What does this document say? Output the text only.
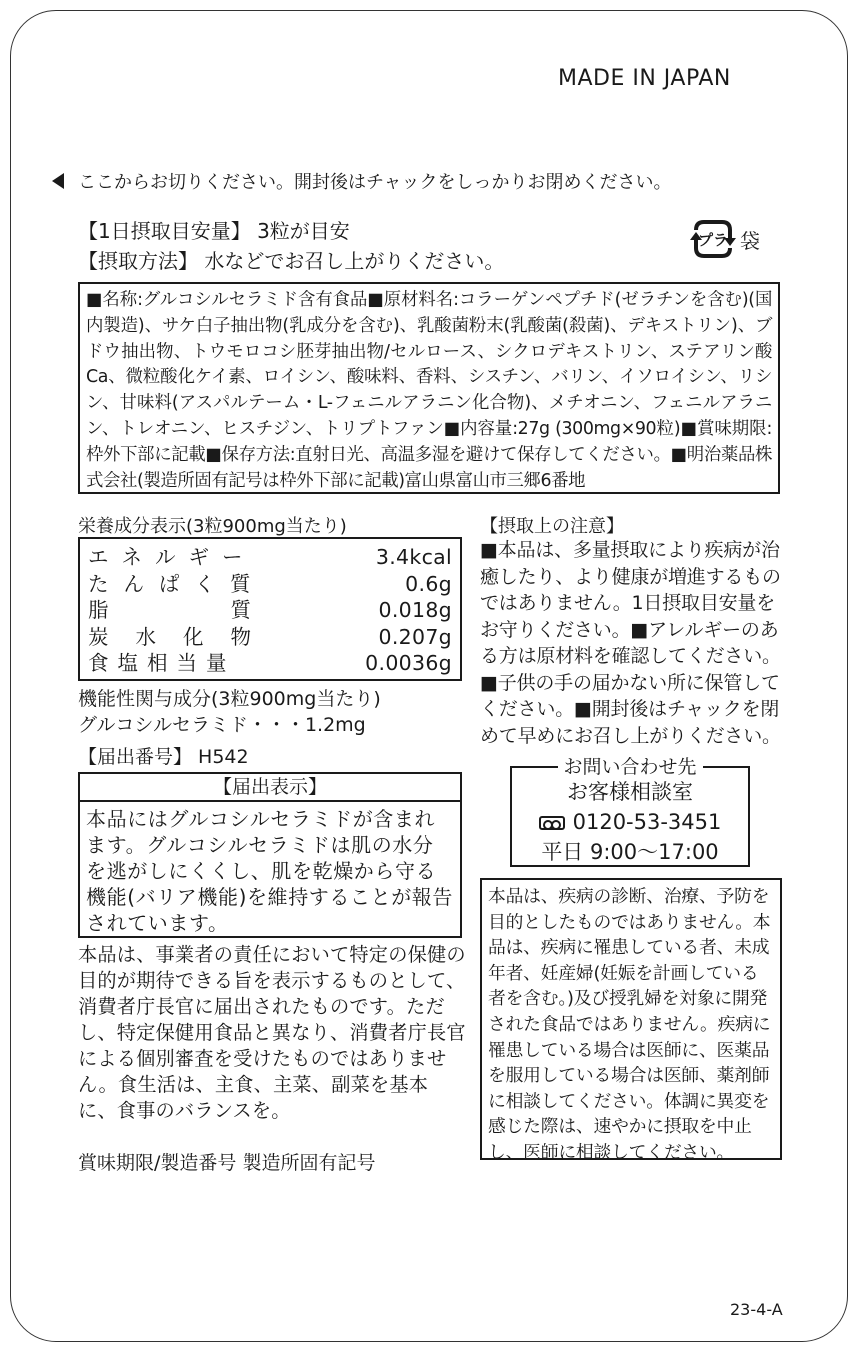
MADE IN JAPAN
ここからお切りください。開封後はチャックをしっかりお閉めください。
【1日摂取目安量】 3粒が目安
【摂取方法】 水などでお召し上がりください。
プラ 袋
■名称:グルコシルセラミド含有食品■原材料名:コラーゲンペプチド(ゼラチンを含む)(国内製造)、サケ白子抽出物(乳成分を含む)、乳酸菌粉末(乳酸菌(殺菌)、デキストリン)、ブドウ抽出物、トウモロコシ胚芽抽出物/セルロース、シクロデキストリン、ステアリン酸Ca、微粒酸化ケイ素、ロイシン、酸味料、香料、シスチン、バリン、イソロイシン、リシン、甘味料(アスパルテーム・L-フェニルアラニン化合物)、メチオニン、フェニルアラニン、トレオニン、ヒスチジン、トリプトファン■内容量:27g (300mg×90粒)■賞味期限:枠外下部に記載■保存方法:直射日光、高温多湿を避けて保存してください。■明治薬品株式会社(製造所固有記号は枠外下部に記載)富山県富山市三郷6番地
栄養成分表示(3粒900mg当たり)
エネルギー	3.4kcal
たんぱく質	0.6g
脂質 0.018g
炭水化物	0.207g
食塩相当量	0.0036g
機能性関与成分(3粒900mg当たり)
グルコシルセラミド・・・1.2mg
【届出番号】 H542
【届出表示】
本品にはグルコシルセラミドが含まれます。グルコシルセラミドは肌の水分を逃がしにくくし、肌を乾燥から守る機能(バリア機能)を維持することが報告されています。
本品は、事業者の責任において特定の保健の目的が期待できる旨を表示するものとして、消費者庁長官に届出されたものです。ただし、特定保健用食品と異なり、消費者庁長官による個別審査を受けたものではありません。食生活は、主食、主菜、副菜を基本に、食事のバランスを。
賞味期限/製造番号 製造所固有記号
【摂取上の注意】
■本品は、多量摂取により疾病が治癒したり、より健康が増進するものではありません。1日摂取目安量をお守りください。■アレルギーのある方は原材料を確認してください。■子供の手の届かない所に保管してください。■開封後はチャックを閉めて早めにお召し上がりください。
お問い合わせ先
お客様相談室
0120-53-3451
平日 9:00〜17:00
本品は、疾病の診断、治療、予防を目的としたものではありません。本品は、疾病に罹患している者、未成年者、妊産婦(妊娠を計画している者を含む。)及び授乳婦を対象に開発された食品ではありません。疾病に罹患している場合は医師に、医薬品を服用している場合は医師、薬剤師に相談してください。体調に異変を感じた際は、速やかに摂取を中止し、医師に相談してください。
23-4-A
